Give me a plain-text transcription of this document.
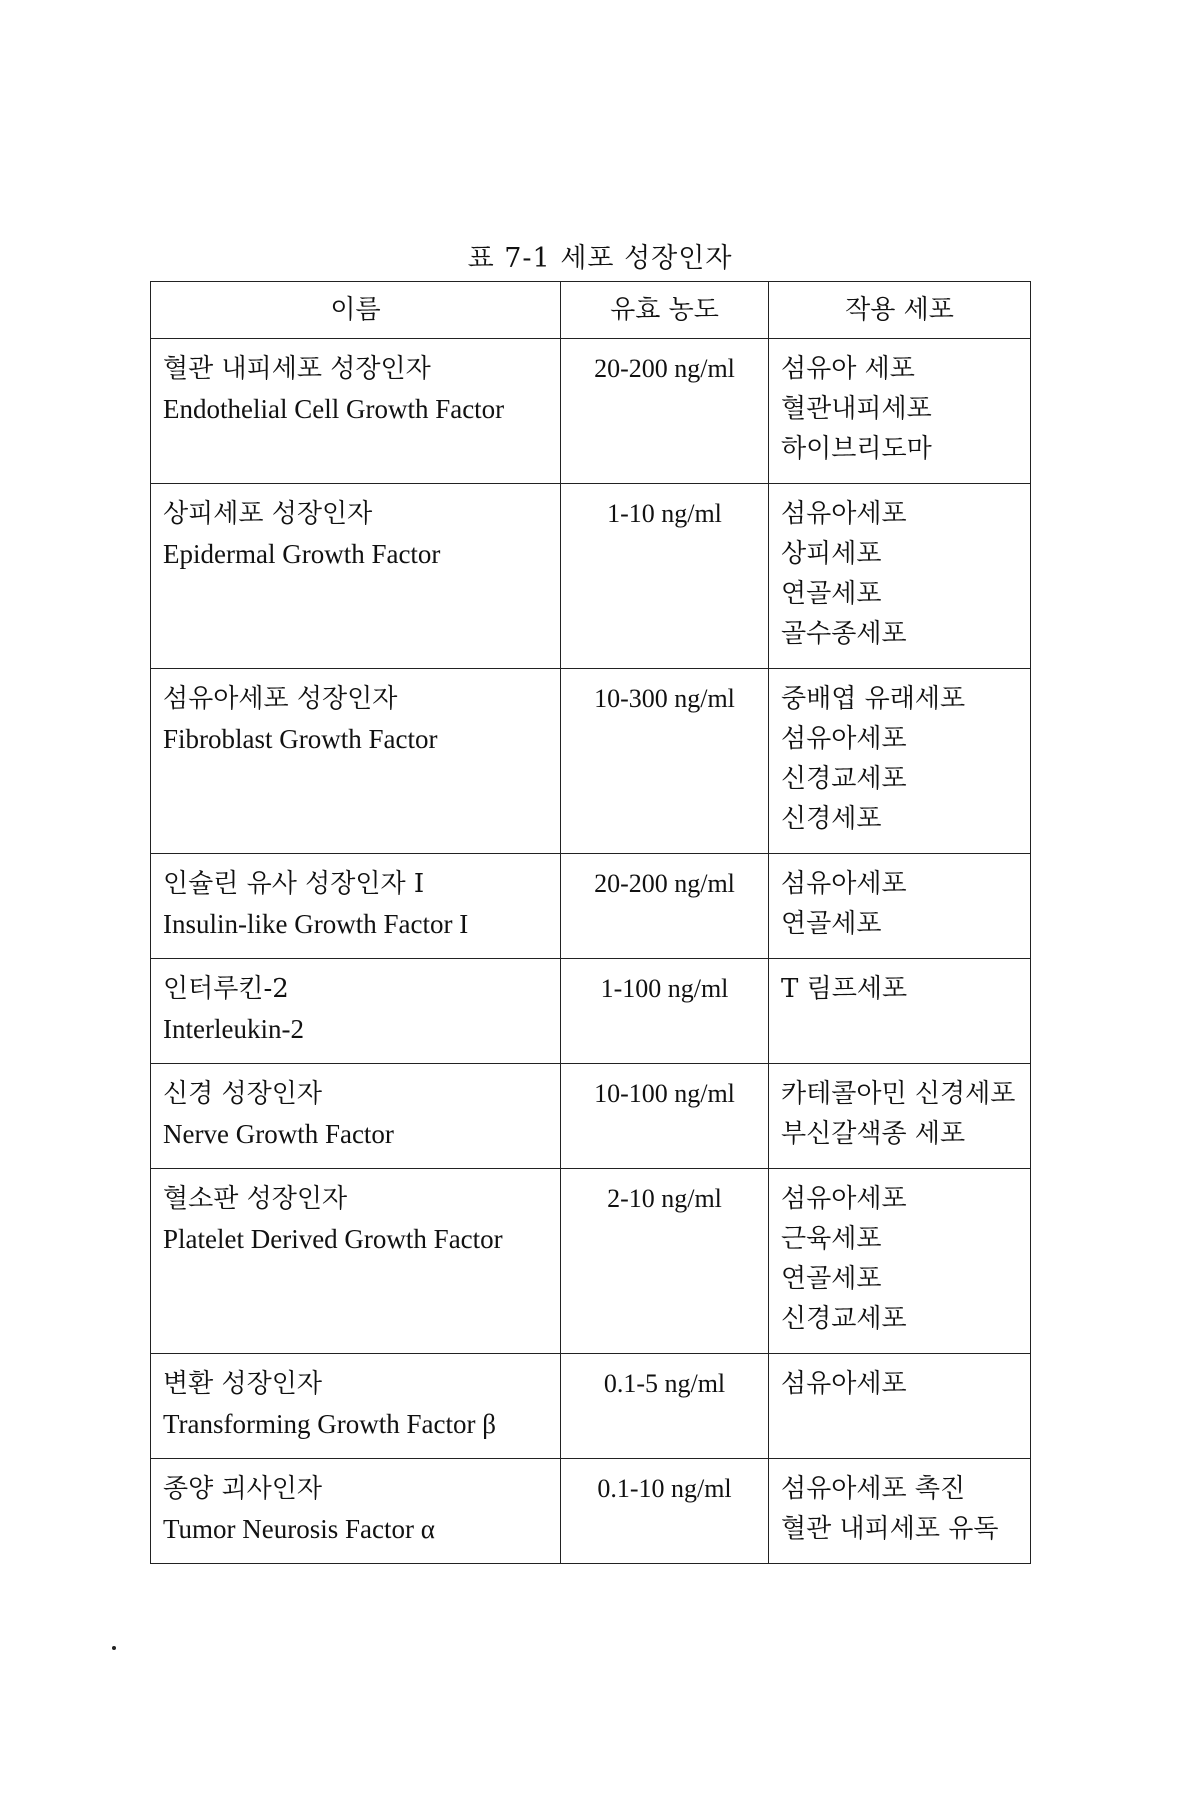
표 7-1 세포 성장인자
이름	유효 농도	작용 세포

혈관 내피세포 성장인자
Endothelial Cell Growth Factor	20-200 ng/ml	섬유아 세포
혈관내피세포
하이브리도마

상피세포 성장인자
Epidermal Growth Factor	1-10 ng/ml	섬유아세포
상피세포
연골세포
골수종세포

섬유아세포 성장인자
Fibroblast Growth Factor	10-300 ng/ml	중배엽 유래세포
섬유아세포
신경교세포
신경세포

인슐린 유사 성장인자 I
Insulin-like Growth Factor I	20-200 ng/ml	섬유아세포
연골세포

인터루킨-2
Interleukin-2	1-100 ng/ml	T 림프세포

신경 성장인자
Nerve Growth Factor	10-100 ng/ml	카테콜아민 신경세포
부신갈색종 세포

혈소판 성장인자
Platelet Derived Growth Factor	2-10 ng/ml	섬유아세포
근육세포
연골세포
신경교세포

변환 성장인자
Transforming Growth Factor β	0.1-5 ng/ml	섬유아세포

종양 괴사인자
Tumor Neurosis Factor α	0.1-10 ng/ml	섬유아세포 촉진
혈관 내피세포 유독
